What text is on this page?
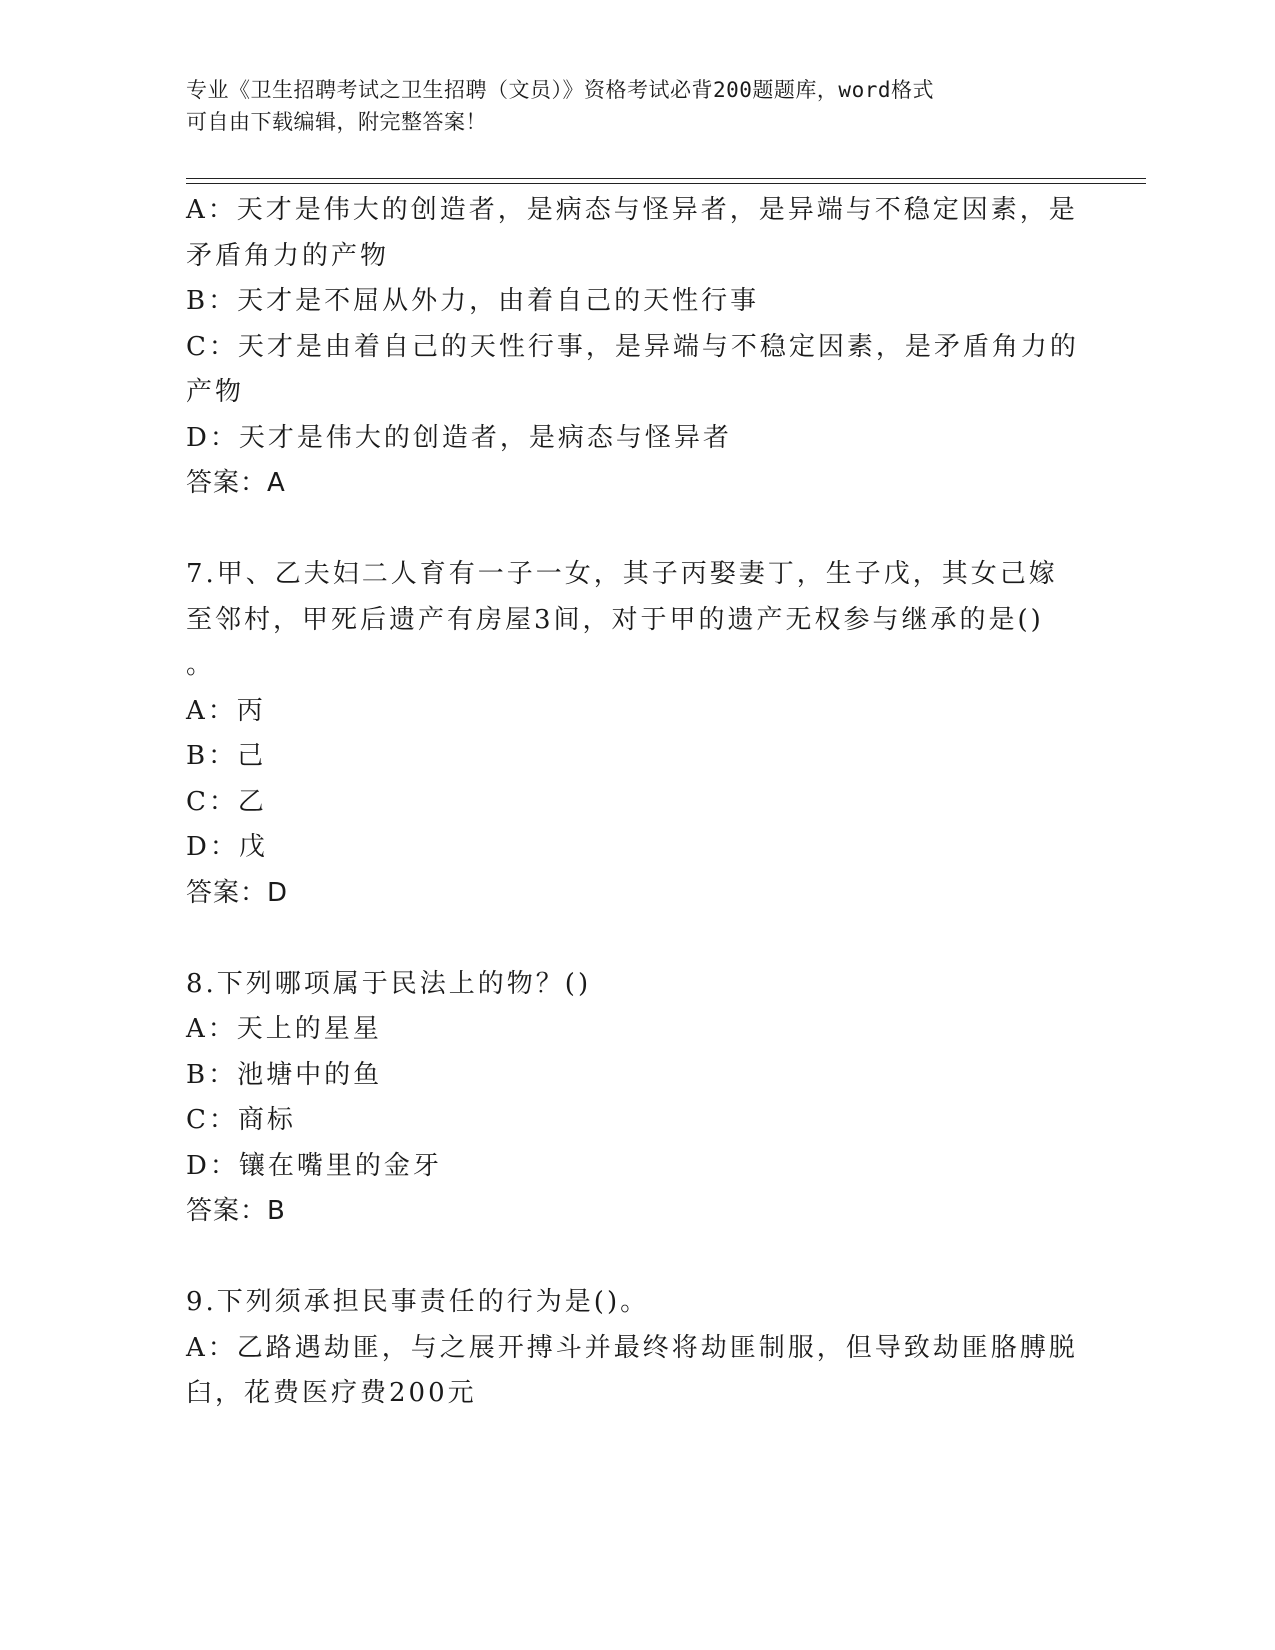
专业《卫生招聘考试之卫生招聘（文员）》资格考试必背200题题库，word格式
可自由下载编辑，附完整答案！
A：天才是伟大的创造者，是病态与怪异者，是异端与不稳定因素，是
矛盾角力的产物
B：天才是不屈从外力，由着自己的天性行事
C：天才是由着自己的天性行事，是异端与不稳定因素，是矛盾角力的
产物
D：天才是伟大的创造者，是病态与怪异者
答案：A
7.甲、乙夫妇二人育有一子一女，其子丙娶妻丁，生子戊，其女己嫁
至邻村，甲死后遗产有房屋3间，对于甲的遗产无权参与继承的是()
。
A：丙
B：己
C：乙
D：戊
答案：D
8.下列哪项属于民法上的物？()
A：天上的星星
B：池塘中的鱼
C：商标
D：镶在嘴里的金牙
答案：B
9.下列须承担民事责任的行为是()。
A：乙路遇劫匪，与之展开搏斗并最终将劫匪制服，但导致劫匪胳膊脱
臼，花费医疗费200元
